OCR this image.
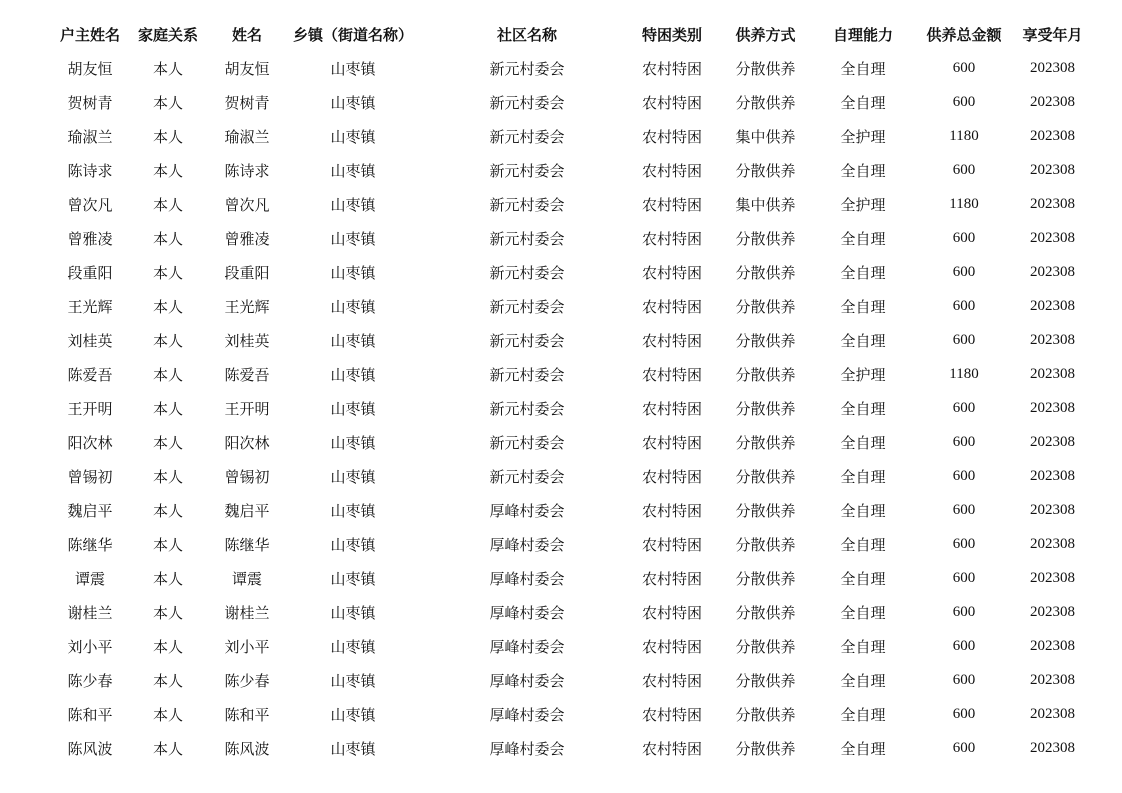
户主姓名	家庭关系	姓名	乡镇（街道名称）	社区名称	特困类别	供养方式	自理能力	供养总金额	享受年月
胡友恒	本人	胡友恒	山枣镇	新元村委会	农村特困	分散供养	全自理	600	202308
贺树青	本人	贺树青	山枣镇	新元村委会	农村特困	分散供养	全自理	600	202308
瑜淑兰	本人	瑜淑兰	山枣镇	新元村委会	农村特困	集中供养	全护理	1180	202308
陈诗求	本人	陈诗求	山枣镇	新元村委会	农村特困	分散供养	全自理	600	202308
曾次凡	本人	曾次凡	山枣镇	新元村委会	农村特困	集中供养	全护理	1180	202308
曾雅凌	本人	曾雅凌	山枣镇	新元村委会	农村特困	分散供养	全自理	600	202308
段重阳	本人	段重阳	山枣镇	新元村委会	农村特困	分散供养	全自理	600	202308
王光辉	本人	王光辉	山枣镇	新元村委会	农村特困	分散供养	全自理	600	202308
刘桂英	本人	刘桂英	山枣镇	新元村委会	农村特困	分散供养	全自理	600	202308
陈爱吾	本人	陈爱吾	山枣镇	新元村委会	农村特困	分散供养	全护理	1180	202308
王开明	本人	王开明	山枣镇	新元村委会	农村特困	分散供养	全自理	600	202308
阳次林	本人	阳次林	山枣镇	新元村委会	农村特困	分散供养	全自理	600	202308
曾锡初	本人	曾锡初	山枣镇	新元村委会	农村特困	分散供养	全自理	600	202308
魏启平	本人	魏启平	山枣镇	厚峰村委会	农村特困	分散供养	全自理	600	202308
陈继华	本人	陈继华	山枣镇	厚峰村委会	农村特困	分散供养	全自理	600	202308
谭震	本人	谭震	山枣镇	厚峰村委会	农村特困	分散供养	全自理	600	202308
谢桂兰	本人	谢桂兰	山枣镇	厚峰村委会	农村特困	分散供养	全自理	600	202308
刘小平	本人	刘小平	山枣镇	厚峰村委会	农村特困	分散供养	全自理	600	202308
陈少春	本人	陈少春	山枣镇	厚峰村委会	农村特困	分散供养	全自理	600	202308
陈和平	本人	陈和平	山枣镇	厚峰村委会	农村特困	分散供养	全自理	600	202308
陈风波	本人	陈风波	山枣镇	厚峰村委会	农村特困	分散供养	全自理	600	202308
